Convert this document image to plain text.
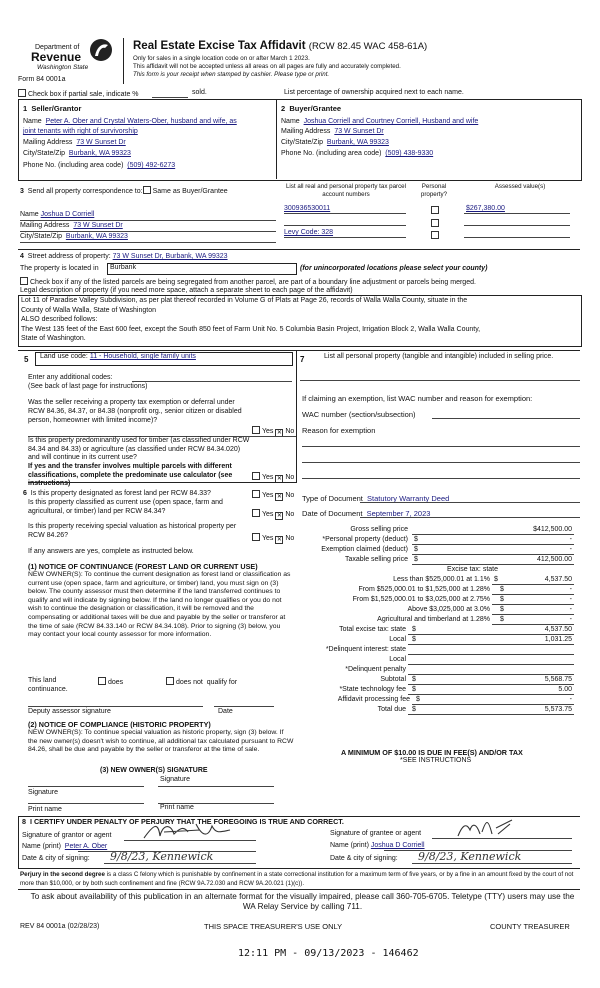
Department of
Revenue
Washington State
Form 84 0001a
Real Estate Excise Tax Affidavit (RCW 82.45 WAC 458-61A)
Only for sales in a single location code on or after March 1 2023.
This affidavit will not be accepted unless all areas on all pages are fully and accurately completed.
This form is your receipt when stamped by cashier. Please type or print.
Check box if partial sale, indicate %	sold.	List percentage of ownership acquired next to each name.
1  Seller/Grantor
Name Peter A. Ober and Crystal Waters-Ober, husband and wife, as
joint tenants with right of survivorship
Mailing Address 73 W Sunset Dr
City/State/Zip Burbank, WA 99323
Phone No. (including area code) (509) 492-6273
2  Buyer/Grantee
Name Joshua Corriell and Courtney Corriell, Husband and wife
Mailing Address 73 W Sunset Dr
City/State/Zip Burbank, WA 99323
Phone No. (including area code) (509) 438-9330
3 Send all property correspondence to: Same as Buyer/Grantee
Name Joshua D Corriell
Mailing Address 73 W Sunset Dr
City/State/Zip Burbank, WA 99323
List all real and personal property tax parcel account numbers
Personal property?
Assessed value(s)
300936530011	$267,380.00
Levy Code: 328
4 Street address of property: 73 W Sunset Dr, Burbank, WA 99323
The property is located in	Burbank	(for unincorporated locations please select your county)
Check box if any of the listed parcels are being segregated from another parcel, are part of a boundary line adjustment or parcels being merged.
Legal description of property (if you need more space, attach a separate sheet to each page of the affidavit)
Lot 11 of Paradise Valley Subdivision, as per plat thereof recorded in Volume G of Plats at Page 26, records of Walla Walla County, situate in the
County of Walla Walla, State of Washington
ALSO described follows:
The West 135 feet of the East 600 feet, except the South 850 feet of Farm Unit No. 5 Columbia Basin Project, Irrigation Block 2, Walla Walla County,
State of Washington.
5	Land use code: 11 - Household, single family units
Enter any additional codes:
(See back of last page for instructions)
Was the seller receiving a property tax exemption or deferral under RCW 84.36, 84.37, or 84.38 (nonprofit org., senior citizen or disabled person, homeowner with limited income)?
Yes ✕ No
Is this property predominantly used for timber (as classified under RCW 84.34 and 84.33) or agriculture (as classified under RCW 84.34.020) and will continue in its current use?
If yes and the transfer involves multiple parcels with different classifications, complete the predominate use calculator (see instructions)
Yes ✕ No
7	List all personal property (tangible and intangible) included in selling price.
If claiming an exemption, list WAC number and reason for exemption:
WAC number (section/subsection)
Reason for exemption
6 Is this property designated as forest land per RCW 84.33?	Yes ✕ No
Is this property classified as current use (open space, farm and agricultural, or timber) land per RCW 84.34?	Yes ✕ No
Is this property receiving special valuation as historical property per RCW 84.26?	Yes ✕ No
If any answers are yes, complete as instructed below.
(1) NOTICE OF CONTINUANCE (FOREST LAND OR CURRENT USE)
NEW OWNER(S): To continue the current designation as forest land or classification as current use (open space, farm and agriculture, or timber) land, you must sign on (3) below. The county assessor must then determine if the land transferred continues to qualify and will indicate by signing below. If the land no longer qualifies or you do not wish to continue the designation or classification, it will be removed and the compensating or additional taxes will be due and payable by the seller or transferor at the time of sale (RCW 84.33.140 or RCW 84.34.108). Prior to signing (3) below, you may contact your local county assessor for more information.
This land	does	does not qualify for
continuance.
Deputy assessor signature	Date
(2) NOTICE OF COMPLIANCE (HISTORIC PROPERTY)
NEW OWNER(S): To continue special valuation as historic property, sign (3) below. If the new owner(s) doesn't wish to continue, all additional tax calculated pursuant to RCW 84.26, shall be due and payable by the seller or transferor at the time of sale.
(3) NEW OWNER(S) SIGNATURE
Signature
Signature
Print name	Print name
Type of Document Statutory Warranty Deed
Date of Document September 7, 2023
Gross selling price	$412,500.00
*Personal property (deduct) $	-
Exemption claimed (deduct) $	-
Taxable selling price $	412,500.00
Excise tax: state
Less than $525,000.01 at 1.1% $	4,537.50
From $525,000.01 to $1,525,000 at 1.28% $	-
From $1,525,000.01 to $3,025,000 at 2.75% $	-
Above $3,025,000 at 3.0% $	-
Agricultural and timberland at 1.28% $	-
Total excise tax: state $	4,537.50
Local $	1,031.25
*Delinquent interest: state
Local
*Delinquent penalty
Subtotal $	5,568.75
*State technology fee $	5.00
Affidavit processing fee $	-
Total due $	5,573.75
A MINIMUM OF $10.00 IS DUE IN FEE(S) AND/OR TAX
*SEE INSTRUCTIONS
8  I CERTIFY UNDER PENALTY OF PERJURY THAT THE FOREGOING IS TRUE AND CORRECT.
Signature of grantor or agent
Name (print) Peter A. Ober
Date & city of signing: 9/8/23, Kennewick
Signature of grantee or agent
Name (print) Joshua D Corriell
Date & city of signing: 9/8/23, Kennewick
Perjury in the second degree is a class C felony which is punishable by confinement in a state correctional institution for a maximum term of five years, or by a fine in an amount fixed by the court of not more than $10,000, or by both such confinement and fine (RCW 9A.72.030 and RCW 9A.20.021 (1)(c)).
To ask about availability of this publication in an alternate format for the visually impaired, please call 360-705-6705. Teletype (TTY) users may use the WA Relay Service by calling 711.
REV 84 0001a (02/28/23)	THIS SPACE TREASURER'S USE ONLY	COUNTY TREASURER
12:11 PM - 09/13/2023 - 146462
